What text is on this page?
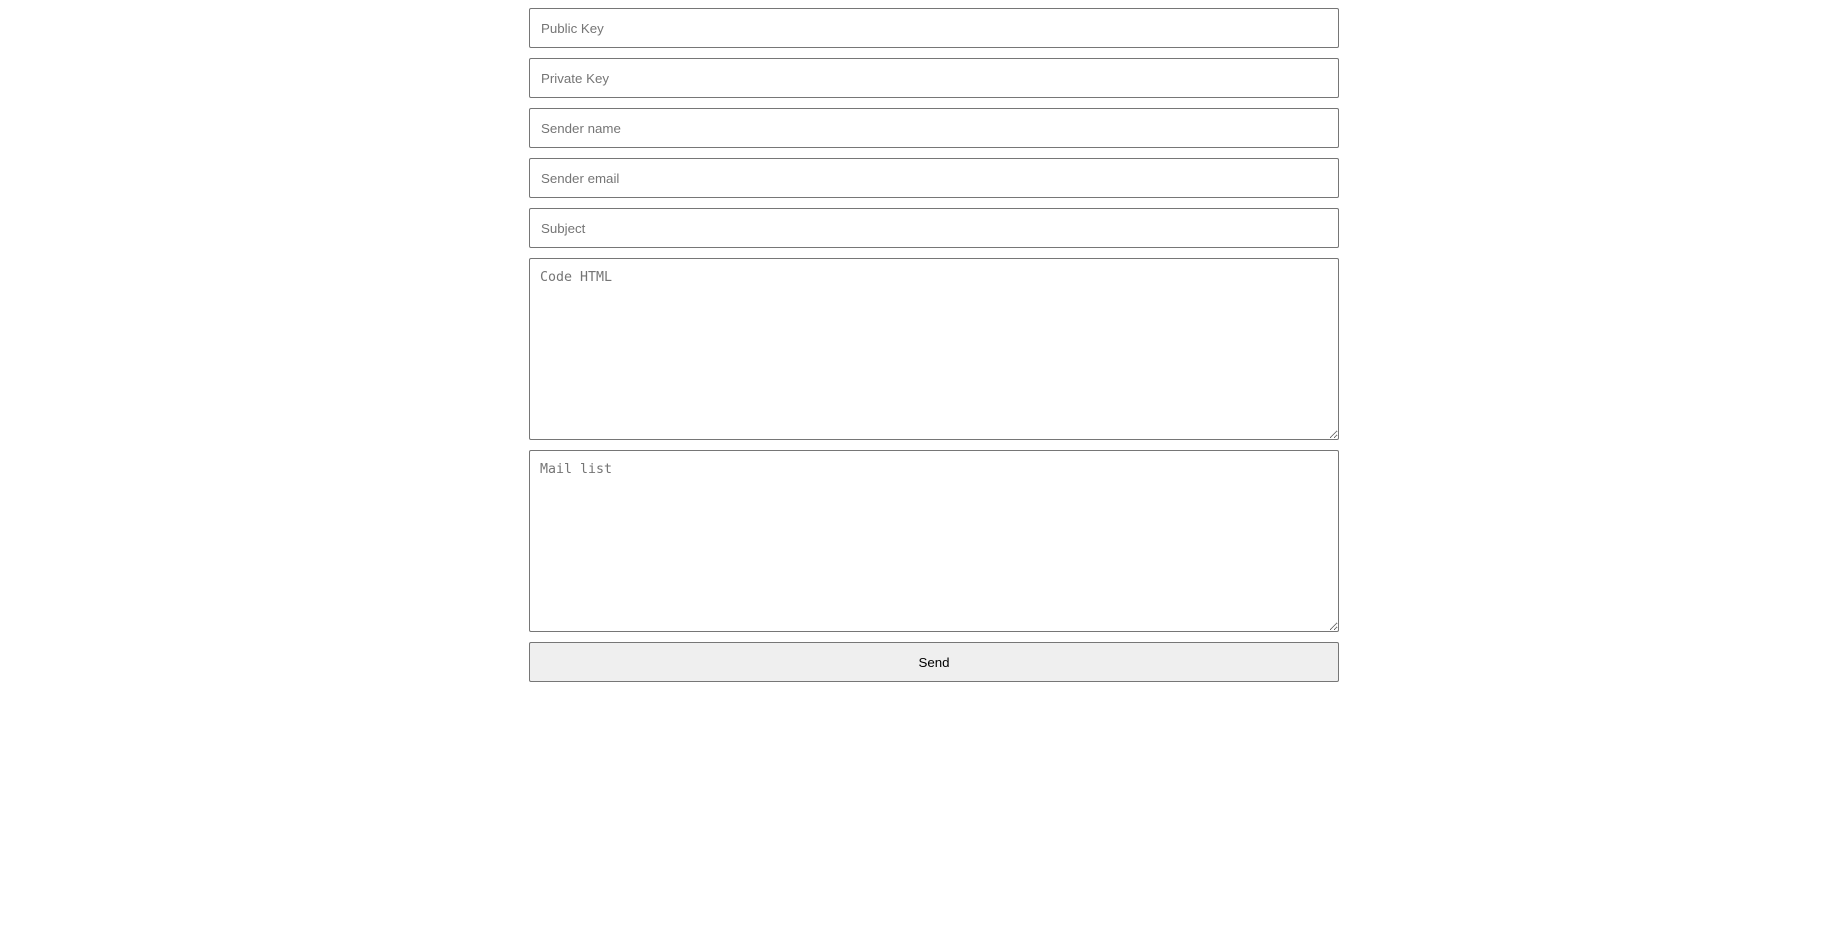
Public Key
Private Key
Sender name
Sender email
Subject
Code HTML
Mail list
Send
